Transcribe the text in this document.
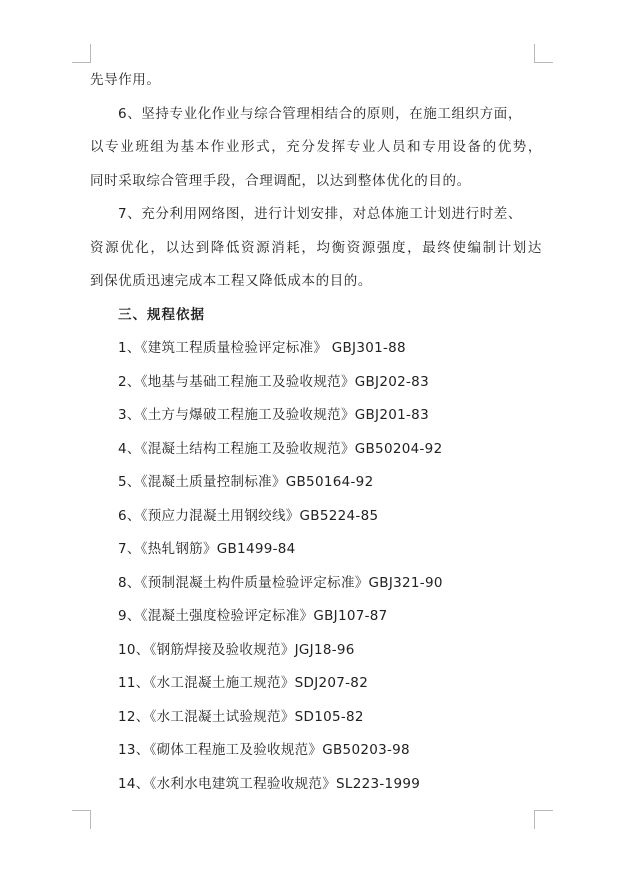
先导作用。
6、坚持专业化作业与综合管理相结合的原则，在施工组织方面，
以专业班组为基本作业形式，充分发挥专业人员和专用设备的优势，
同时采取综合管理手段，合理调配，以达到整体优化的目的。
7、充分利用网络图，进行计划安排，对总体施工计划进行时差、
资源优化，以达到降低资源消耗，均衡资源强度，最终使编制计划达
到保优质迅速完成本工程又降低成本的目的。
三、规程依据
1、《建筑工程质量检验评定标准》 GBJ301-88
2、《地基与基础工程施工及验收规范》GBJ202-83
3、《土方与爆破工程施工及验收规范》GBJ201-83
4、《混凝土结构工程施工及验收规范》GB50204-92
5、《混凝土质量控制标准》GB50164-92
6、《预应力混凝土用钢绞线》GB5224-85
7、《热轧钢筋》GB1499-84
8、《预制混凝土构件质量检验评定标准》GBJ321-90
9、《混凝土强度检验评定标准》GBJ107-87
10、《钢筋焊接及验收规范》JGJ18-96
11、《水工混凝土施工规范》SDJ207-82
12、《水工混凝土试验规范》SD105-82
13、《砌体工程施工及验收规范》GB50203-98
14、《水利水电建筑工程验收规范》SL223-1999
